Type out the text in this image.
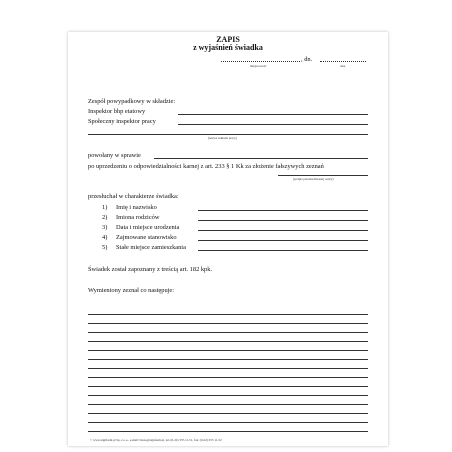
ZAPIS
z wyjaśnień świadka
, dn.
miejscowość	data
Zespół powypadkowy w składzie:
Inspektor bhp etatowy
Społeczny inspektor pracy
(nazwa zakładu pracy)
powołany w sprawie
po uprzedzeniu o odpowiedzialności karnej z art. 233 § 1 Kk za złożenie fałszywych zeznań
(podpis przesłuchiwanej osoby)
przesłuchał w charakterze świadka:
1) Imię i nazwisko
2) Imiona rodziców
3) Data i miejsce urodzenia
4) Zajmowane stanowisko
5) Stałe miejsce zamieszkania
Świadek został zapoznany z treścią art. 182 kpk.
Wymieniony zeznał co następuje:
© www.signform.pl Sp. z o.o., e-mail: biuro@signform.pl, tel. (0-22) 337-11-51, fax: (0-22) 337-11-52
